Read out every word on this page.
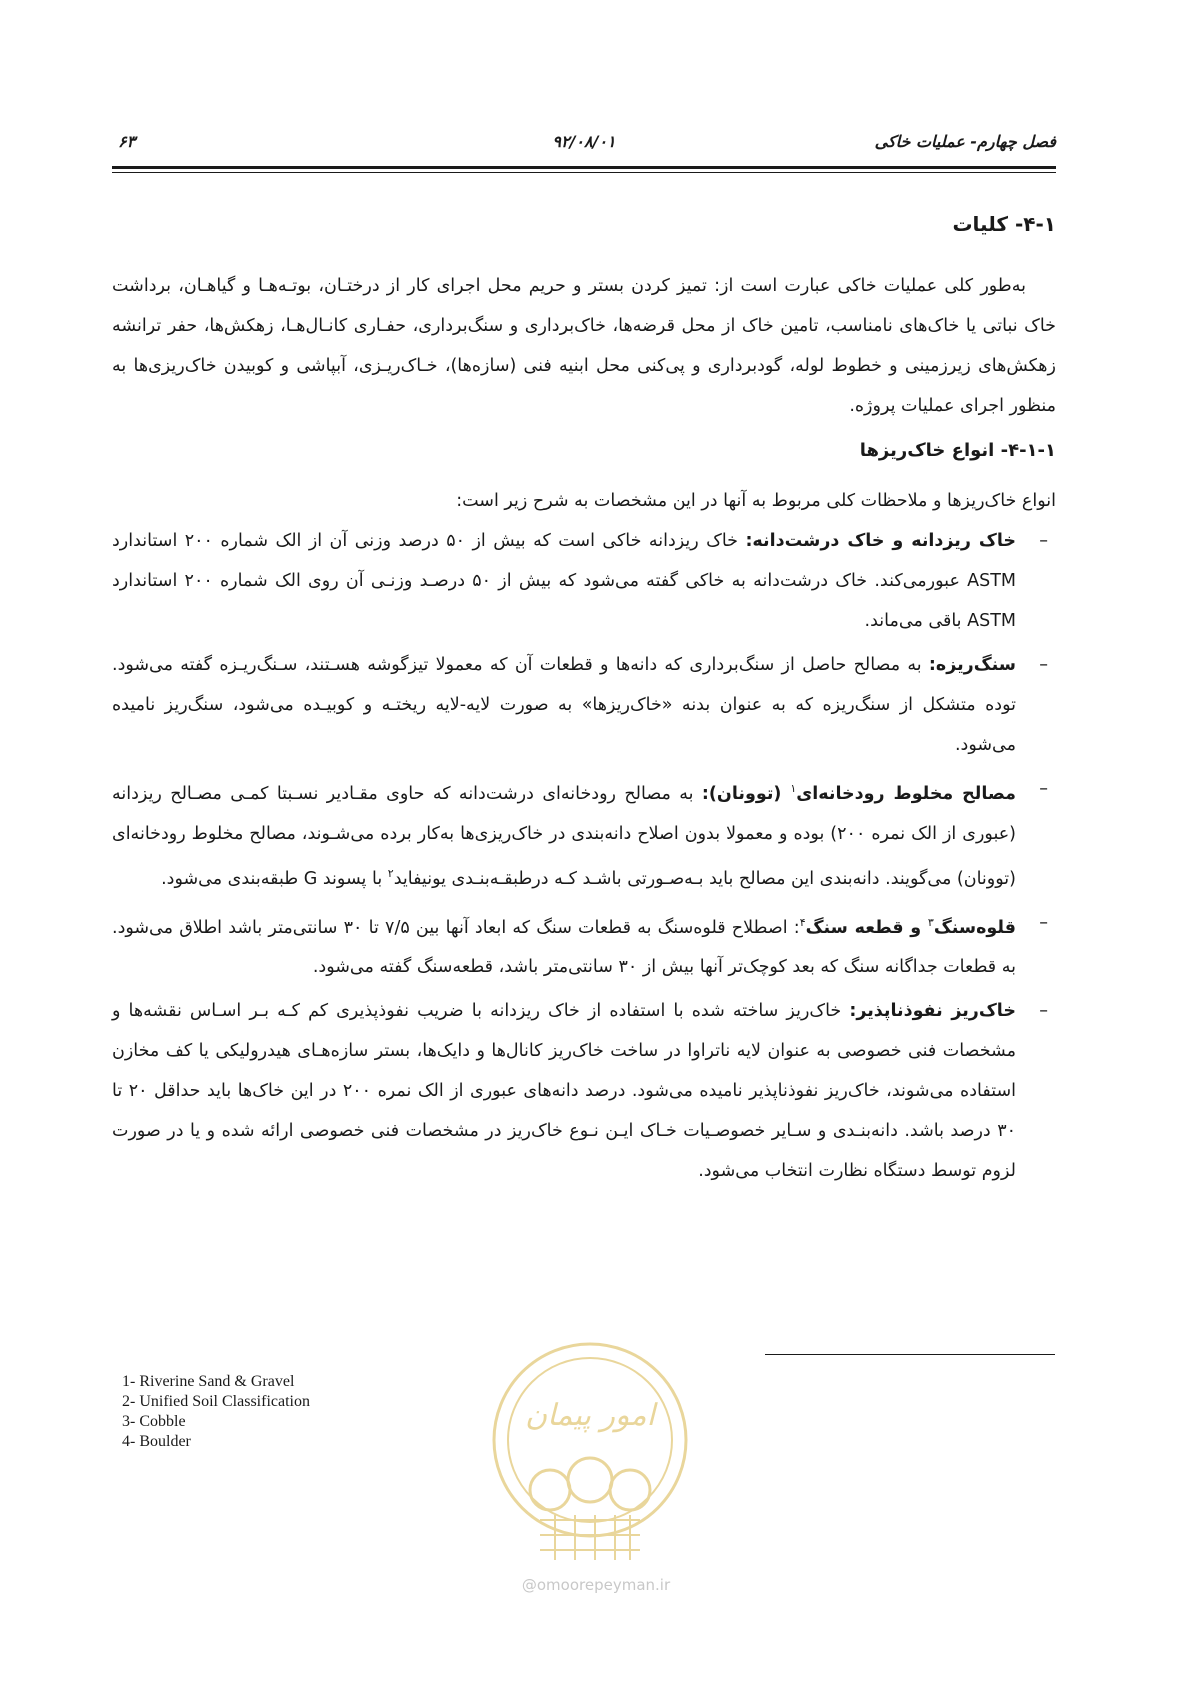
فصل چهارم- عملیات خاکی
۹۲/۰۸/۰۱
۶۳
۴-۱- کلیات

به‌طور کلی عملیات خاکی عبارت است از: تمیز کردن بستر و حریم محل اجرای کار از درختـان، بوتـه‌هـا و گیاهـان، برداشت خاک نباتی یا خاک‌های نامناسب، تامین خاک از محل قرضه‌ها، خاک‌برداری و سنگ‌برداری، حفـاری کانـال‌هـا، زهکش‌ها، حفر ترانشه زهکش‌های زیرزمینی و خطوط لوله، گودبرداری و پی‌کنی محل ابنیه فنی (سازه‌ها)، خـاک‌ریـزی، آبپاشی و کوبیدن خاک‌ریزی‌ها به منظور اجرای عملیات پروژه.

۴-۱-۱- انواع خاک‌ریزها

انواع خاک‌ریزها و ملاحظات کلی مربوط به آنها در این مشخصات به شرح زیر است:

–
خاک ریزدانه و خاک درشت‌دانه: خاک ریزدانه خاکی است که بیش از ۵۰ درصد وزنی آن از الک شماره ۲۰۰ استاندارد ASTM عبورمی‌کند. خاک درشت‌دانه به خاکی گفته می‌شود که بیش از ۵۰ درصـد وزنـی آن روی الک شماره ۲۰۰ استاندارد ASTM باقی می‌ماند.
–
سنگ‌ریزه: به مصالح حاصل از سنگ‌برداری که دانه‌ها و قطعات آن که معمولا تیزگوشه هسـتند، سـنگ‌ریـزه گفته می‌شود. توده متشکل از سنگ‌ریزه که به عنوان بدنه «خاک‌ریزها» به صورت لایه-لایه ریختـه و کوبیـده می‌شود، سنگ‌ریز نامیده می‌شود.
–
مصالح مخلوط رودخانه‌ای$^۱$ (توونان): به مصالح رودخانه‌ای درشت‌دانه که حاوی مقـادیر نسـبتا کمـی مصـالح ریزدانه (عبوری از الک نمره ۲۰۰) بوده و معمولا بدون اصلاح دانه‌بندی در خاک‌ریزی‌ها به‌کار برده می‌شـوند، مصالح مخلوط رودخانه‌ای (توونان) می‌گویند. دانه‌بندی این مصالح باید بـه‌صـورتی باشـد کـه درطبقـه‌بنـدی یونیفاید$^۲$ با پسوند G طبقه‌بندی می‌شود.
–
قلوه‌سنگ$^۳$ و قطعه سنگ$^۴$: اصطلاح قلوه‌سنگ به قطعات سنگ که ابعاد آنها بین ۷/۵ تا ۳۰ سانتی‌متر باشد اطلاق می‌شود. به قطعات جداگانه سنگ که بعد کوچک‌تر آنها بیش از ۳۰ سانتی‌متر باشد، قطعه‌سنگ گفته می‌شود.
–
خاک‌ریز نفوذناپذیر: خاک‌ریز ساخته شده با استفاده از خاک ریزدانه با ضریب نفوذپذیری کم کـه بـر اسـاس نقشه‌ها و مشخصات فنی خصوصی به عنوان لایه ناتراوا در ساخت خاک‌ریز کانال‌ها و دایک‌ها، بستر سازه‌هـای هیدرولیکی یا کف مخازن استفاده می‌شوند، خاک‌ریز نفوذناپذیر نامیده می‌شود. درصد دانه‌های عبوری از الک نمره ۲۰۰ در این خاک‌ها باید حداقل ۲۰ تا ۳۰ درصد باشد. دانه‌بنـدی و سـایر خصوصـیات خـاک ایـن نـوع خاک‌ریز در مشخصات فنی خصوصی ارائه شده و یا در صورت لزوم توسط دستگاه نظارت انتخاب می‌شود.
1- Riverine Sand & Gravel
2- Unified Soil Classification
3- Cobble
4- Boulder
امور پیمان
@omoorepeyman.ir
